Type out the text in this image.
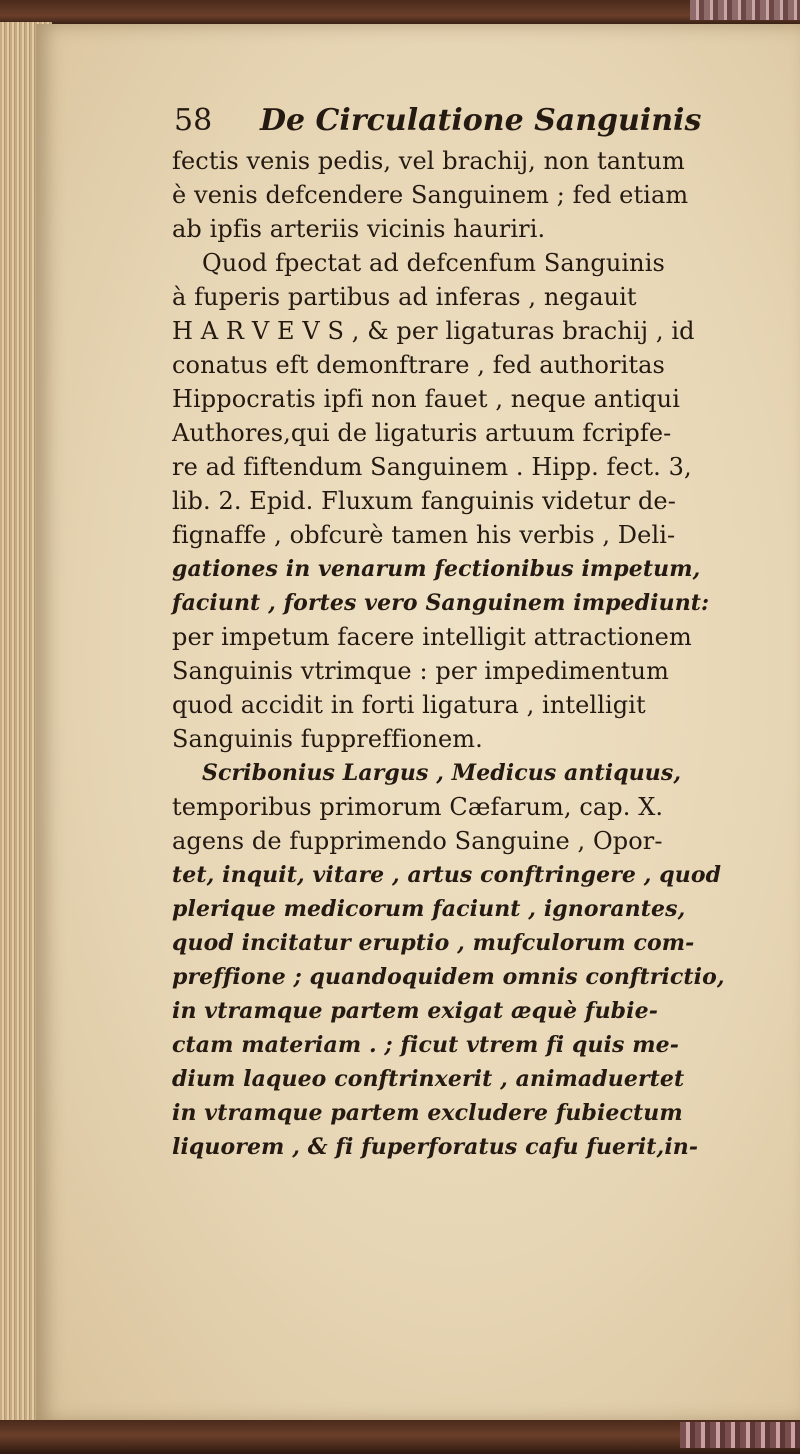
58 De Circulatione Sanguinis
fectis venis pedis, vel brachij, non tantum
è venis defcendere Sanguinem ; fed etiam
ab ipfis arteriis vicinis hauriri.
Quod fpectat ad defcenfum Sanguinis
à fuperis partibus ad inferas , negauit
H A R V E V S , & per ligaturas brachij , id
conatus eft demonftrare , fed authoritas
Hippocratis ipfi non fauet , neque antiqui
Authores,qui de ligaturis artuum fcripfe-
re ad fiftendum Sanguinem . Hipp. fect. 3,
lib. 2. Epid. Fluxum fanguinis videtur de-
fignaffe , obfcurè tamen his verbis , Deli-
gationes in venarum fectionibus impetum,
faciunt , fortes vero Sanguinem impediunt:
per impetum facere intelligit attractionem
Sanguinis vtrimque : per impedimentum
quod accidit in forti ligatura , intelligit
Sanguinis fuppreffionem.
Scribonius Largus , Medicus antiquus,
temporibus primorum Cæfarum, cap. X.
agens de fupprimendo Sanguine , Opor-
tet, inquit, vitare , artus conftringere , quod
plerique medicorum faciunt , ignorantes,
quod incitatur eruptio , mufculorum com-
preffione ; quandoquidem omnis conftrictio,
in vtramque partem exigat æquè fubie-
ctam materiam . ; ficut vtrem fi quis me-
dium laqueo conftrinxerit , animaduertet
in vtramque partem excludere fubiectum
liquorem , & fi fuperforatus cafu fuerit,in-
